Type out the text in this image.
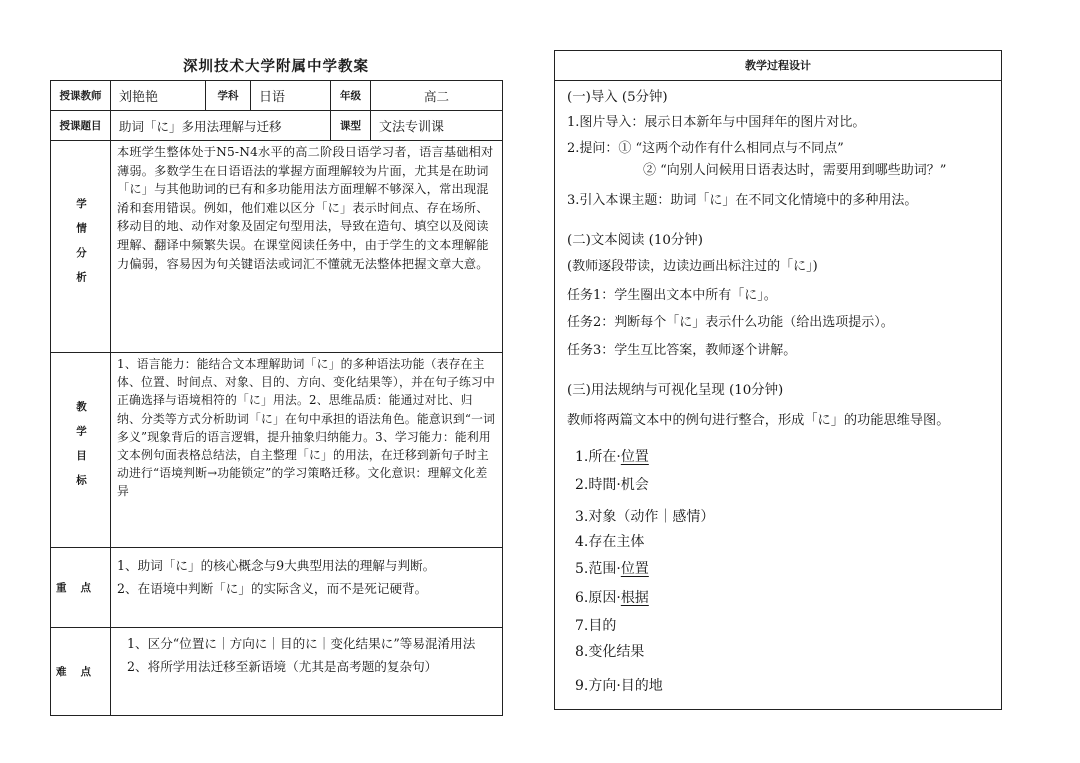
深圳技术大学附属中学教案
授课教师	刘艳艳	学科	日语	年级	高二
授课题目	助词「に」多用法理解与迁移			课型	文法专训课
学情分析	本班学生整体处于N5-N4水平的高二阶段日语学习者，语言基础相对薄弱。多数学生在日语语法的掌握方面理解较为片面，尤其是在助词「に」与其他助词的已有和多功能用法方面理解不够深入，常出现混淆和套用错误。例如，他们难以区分「に」表示时间点、存在场所、移动目的地、动作对象及固定句型用法，导致在造句、填空以及阅读理解、翻译中频繁失误。在课堂阅读任务中，由于学生的文本理解能力偏弱，容易因为句关键语法或词汇不懂就无法整体把握文章大意。				
教学目标	1、语言能力：能结合文本理解助词「に」的多种语法功能（表存在主体、位置、时间点、对象、目的、方向、变化结果等），并在句子练习中正确选择与语境相符的「に」用法。2、思维品质：能通过对比、归纳、分类等方式分析助词「に」在句中承担的语法角色。能意识到“一词多义”现象背后的语言逻辑，提升抽象归纳能力。3、学习能力：能利用文本例句面表格总结法，自主整理「に」的用法，在迁移到新句子时主动进行“语境判断→功能锁定”的学习策略迁移。文化意识：理解文化差异				
重点	1、助词「に」的核心概念与9大典型用法的理解与判断。
2、在语境中判断「に」的实际含义，而不是死记硬背。				

难点	1、区分“位置に｜方向に｜目的に｜变化结果に”等易混淆用法
2、将所学用法迁移至新语境（尤其是高考题的复杂句）				
教学过程设计
(一)导入 (5分钟)
1.图片导入：展示日本新年与中国拜年的图片对比。
2.提问：① “这两个动作有什么相同点与不同点”
② “向别人问候用日语表达时，需要用到哪些助词？”
3.引入本课主题：助词「に」在不同文化情境中的多种用法。
(二)文本阅读 (10分钟)
(教师逐段带读，边读边画出标注过的「に」)
任务1：学生圈出文本中所有「に」。
任务2：判断每个「に」表示什么功能（给出选项提示）。
任务3：学生互比答案，教师逐个讲解。
(三)用法规纳与可视化呈现 (10分钟)
教师将两篇文本中的例句进行整合，形成「に」的功能思维导图。
1.所在·位置
2.時間·机会
3.对象（动作｜感情）
4.存在主体
5.范围·位置
6.原因·根据
7.目的
8.变化结果
9.方向·目的地
